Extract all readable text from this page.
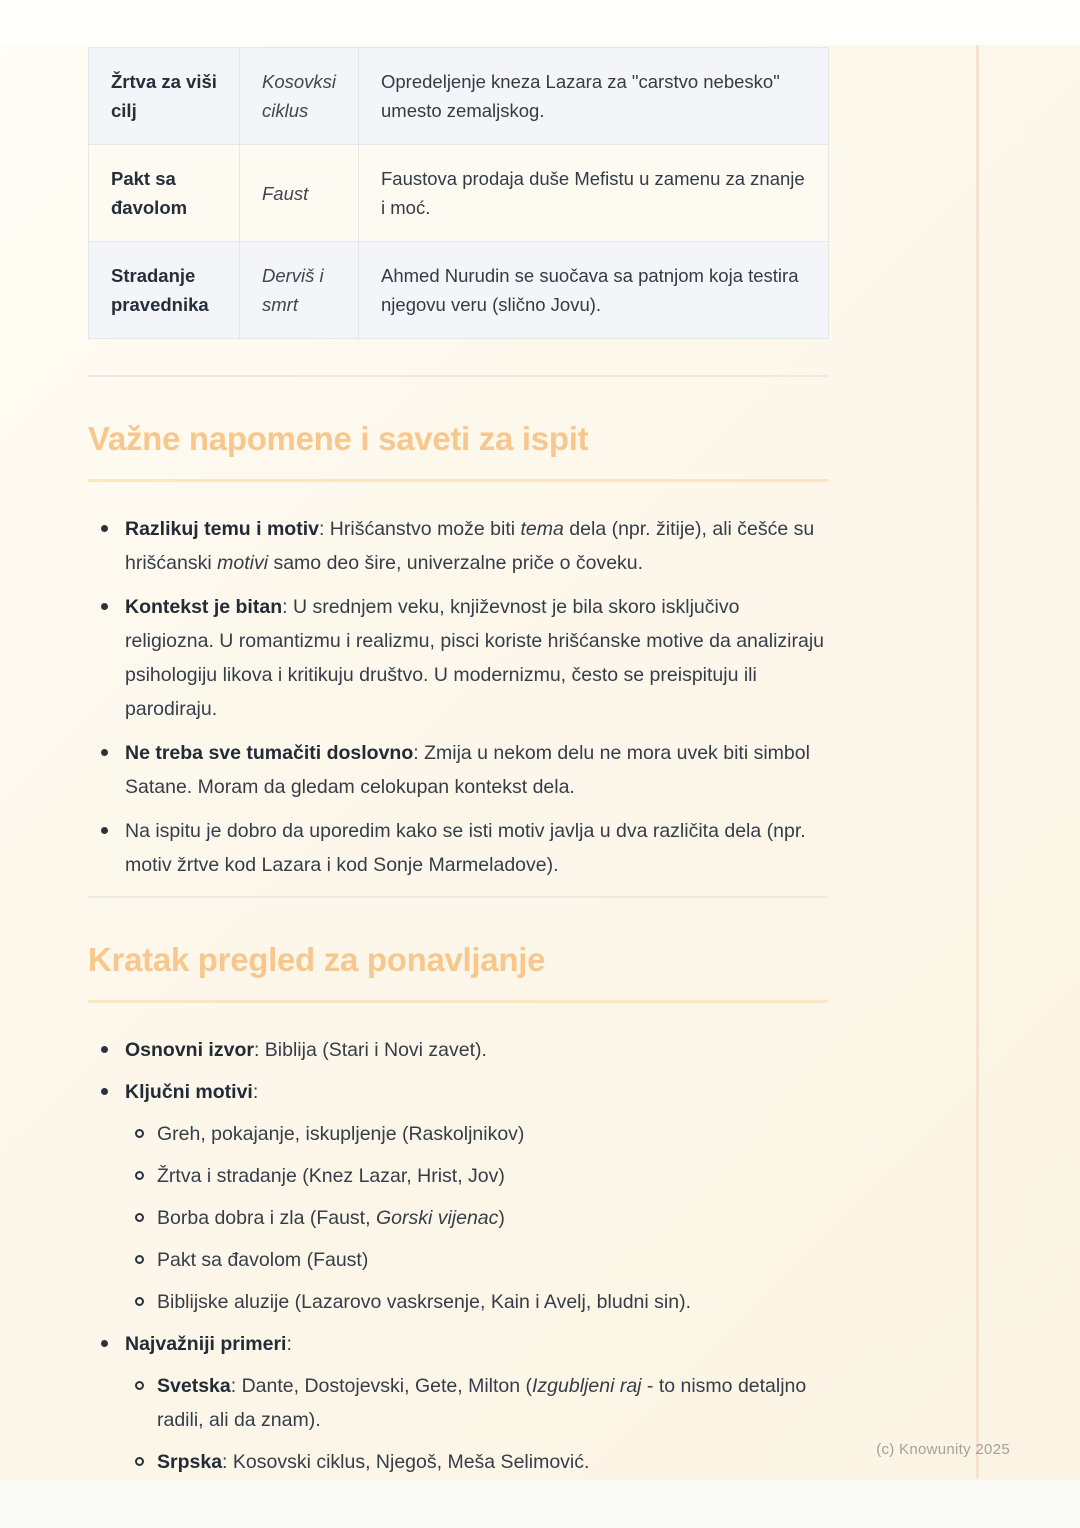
Žrtva za viši cilj	Kosovksi ciklus	Opredeljenje kneza Lazara za "carstvo nebesko" umesto zemaljskog.
Pakt sa đavolom	Faust	Faustova prodaja duše Mefistu u zamenu za znanje i moć.
Stradanje pravednika	Derviš i smrt	Ahmed Nurudin se suočava sa patnjom koja testira njegovu veru (slično Jovu).
Važne napomene i saveti za ispit
Razlikuj temu i motiv: Hrišćanstvo može biti tema dela (npr. žitije), ali češće su hrišćanski motivi samo deo šire, univerzalne priče o čoveku.
Kontekst je bitan: U srednjem veku, književnost je bila skoro isključivo religiozna. U romantizmu i realizmu, pisci koriste hrišćanske motive da analiziraju psihologiju likova i kritikuju društvo. U modernizmu, često se preispituju ili parodiraju.
Ne treba sve tumačiti doslovno: Zmija u nekom delu ne mora uvek biti simbol Satane. Moram da gledam celokupan kontekst dela.
Na ispitu je dobro da uporedim kako se isti motiv javlja u dva različita dela (npr. motiv žrtve kod Lazara i kod Sonje Marmeladove).
Kratak pregled za ponavljanje
Osnovni izvor: Biblija (Stari i Novi zavet).
Ključni motivi:
Greh, pokajanje, iskupljenje (Raskoljnikov)
Žrtva i stradanje (Knez Lazar, Hrist, Jov)
Borba dobra i zla (Faust, Gorski vijenac)
Pakt sa đavolom (Faust)
Biblijske aluzije (Lazarovo vaskrsenje, Kain i Avelj, bludni sin).
Najvažniji primeri:
Svetska: Dante, Dostojevski, Gete, Milton (Izgubljeni raj - to nismo detaljno radili, ali da znam).
Srpska: Kosovski ciklus, Njegoš, Meša Selimović.
(c) Knowunity 2025
